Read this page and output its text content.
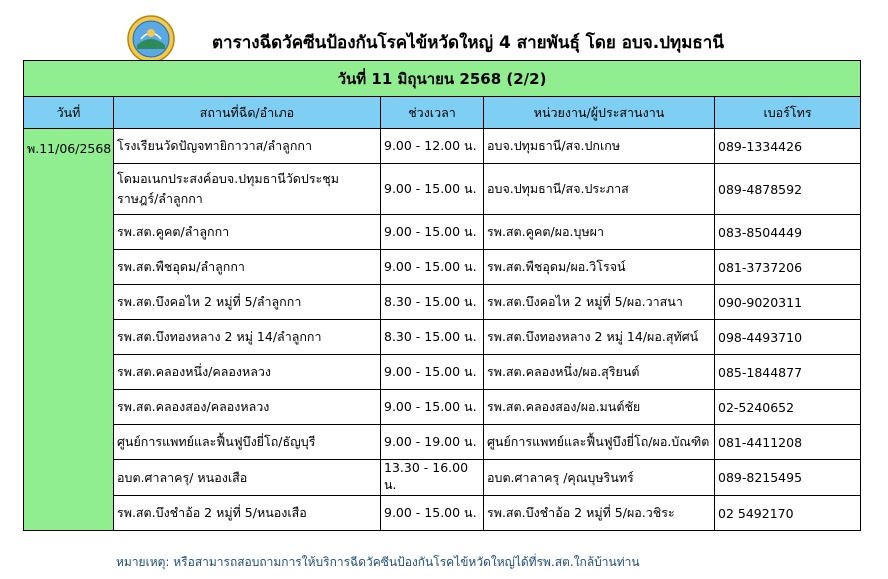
ตารางฉีดวัคซีนป้องกันโรคไข้หวัดใหญ่ 4 สายพันธุ์ โดย อบจ.ปทุมธานี
วันที่ 11 มิถุนายน 2568 (2/2)				
วันที่	สถานที่ฉีด/อำเภอ	ช่วงเวลา	หน่วยงาน/ผู้ประสานงาน	เบอร์โทร
พ.11/06/2568	โรงเรียนวัดปัญจทายิกาวาส/ลำลูกกา	9.00 - 12.00 น.	อบจ.ปทุมธานี/สจ.ปกเกษ	089-1334426
	โดมอเนกประสงค์อบจ.ปทุมธานีวัดประชุมราษฎร์/ลำลูกกา	9.00 - 15.00 น.	อบจ.ปทุมธานี/สจ.ประภาส	089-4878592
	รพ.สต.คูคต/ลำลูกกา	9.00 - 15.00 น.	รพ.สต.คูคต/ผอ.บุษผา	083-8504449
	รพ.สต.พืชอุดม/ลำลูกกา	9.00 - 15.00 น.	รพ.สต.พืชอุดม/ผอ.วิโรจน์	081-3737206
	รพ.สต.บึงคอไห 2 หมู่ที่ 5/ลำลูกกา	8.30 - 15.00 น.	รพ.สต.บึงคอไห 2 หมู่ที่ 5/ผอ.วาสนา	090-9020311
	รพ.สต.บึงทองหลาง 2 หมู่ 14/ลำลูกกา	8.30 - 15.00 น.	รพ.สต.บึงทองหลาง 2 หมู่ 14/ผอ.สุทัศน์	098-4493710
	รพ.สต.คลองหนึ่ง/คลองหลวง	9.00 - 15.00 น.	รพ.สต.คลองหนึ่ง/ผอ.สุริยนต์	085-1844877
	รพ.สต.คลองสอง/คลองหลวง	9.00 - 15.00 น.	รพ.สต.คลองสอง/ผอ.มนต์ชัย	02-5240652
	ศูนย์การแพทย์และฟื้นฟูบึงยี่โถ/ธัญบุรี	9.00 - 19.00 น.	ศูนย์การแพทย์และฟื้นฟูบึงยี่โถ/ผอ.บัณฑิต	081-4411208
	อบต.ศาลาครุ/ หนองเสือ	13.30 - 16.00 น.	อบต.ศาลาครุ /คุณบุษรินทร์	089-8215495
	รพ.สต.บึงชำอ้อ 2 หมู่ที่ 5/หนองเสือ	9.00 - 15.00 น.	รพ.สต.บึงชำอ้อ 2 หมู่ที่ 5/ผอ.วชิระ	02 5492170
หมายเหตุ: หรือสามารถสอบถามการให้บริการฉีดวัคซีนป้องกันโรคไข้หวัดใหญ่ได้ที่รพ.สต.ใกล้บ้านท่าน
